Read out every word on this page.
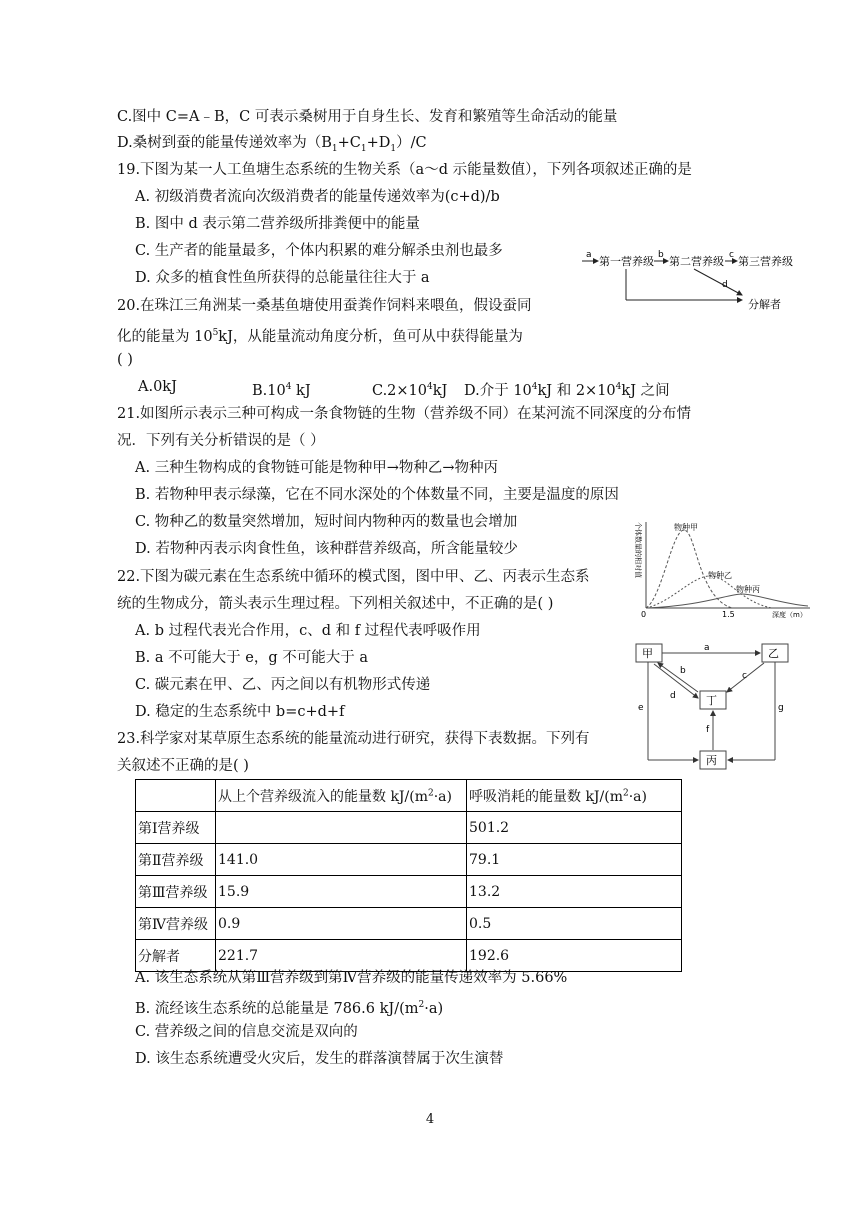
C.图中 C=A﹣B，C 可表示桑树用于自身生长、发育和繁殖等生命活动的能量
D.桑树到蚕的能量传递效率为$(B_1+C_1+D_1)/C$
19.下图为某一人工鱼塘生态系统的生物关系（a～d 示能量数值），下列各项叙述正确的是
A. 初级消费者流向次级消费者的能量传递效率为(c+d)/b
B. 图中 d 表示第二营养级所排粪便中的能量
C. 生产者的能量最多，个体内积累的难分解杀虫剂也最多
D. 众多的植食性鱼所获得的总能量往往大于 a
a 第一营养级 b 第二营养级 c 第三营养级
d
分解者
20.在珠江三角洲某一桑基鱼塘使用蚕粪作饲料来喂鱼，假设蚕同
化的能量为 $10^5kJ$，从能量流动角度分析，鱼可从中获得能量为
( )
A.0kJ	$B.10^4$ kJ	$C.2\times 10^4kJ$ D.介于 $10^4kJ$ 和 $2\times 10^4kJ$ 之间
21.如图所示表示三种可构成一条食物链的生物（营养级不同）在某河流不同深度的分布情
况．下列有关分析错误的是（ ）
A. 三种生物构成的食物链可能是物种甲→物种乙→物种丙
B. 若物种甲表示绿藻，它在不同水深处的个体数量不同，主要是温度的原因
C. 物种乙的数量突然增加，短时间内物种丙的数量也会增加
D. 若物种丙表示肉食性鱼，该种群营养级高，所含能量较少	个体数量的相对值	物种甲
物种乙
物种丙
0	1.5	深度（m）
22.下图为碳元素在生态系统中循环的模式图，图中甲、乙、丙表示生态系
统的生物成分，箭头表示生理过程。下列相关叙述中，不正确的是( )
A. b 过程代表光合作用，c、d 和 f 过程代表呼吸作用
B. a 不可能大于 e，g 不可能大于 a
C. 碳元素在甲、乙、丙之间以有机物形式传递
D. 稳定的生态系统中 b=c+d+f
甲	乙
丁
丙
a
b
d
c
f
e	g
23.科学家对某草原生态系统的能量流动进行研究，获得下表数据。下列有
关叙述不正确的是( )
	从上个营养级流入的能量数 $kJ/(m^2\cdot a)$	呼吸消耗的能量数 $kJ/(m^2\cdot a)$
第Ⅰ营养级		501.2
第Ⅱ营养级	141.0	79.1
第Ⅲ营养级	15.9	13.2
第Ⅳ营养级	0.9	0.5
分解者	221.7	192.6
A. 该生态系统从第Ⅲ营养级到第Ⅳ营养级的能量传递效率为 5.66%
B. 流经该生态系统的总能量是 786.6 $kJ/(m^2\cdot a)$
C. 营养级之间的信息交流是双向的
D. 该生态系统遭受火灾后，发生的群落演替属于次生演替
4
